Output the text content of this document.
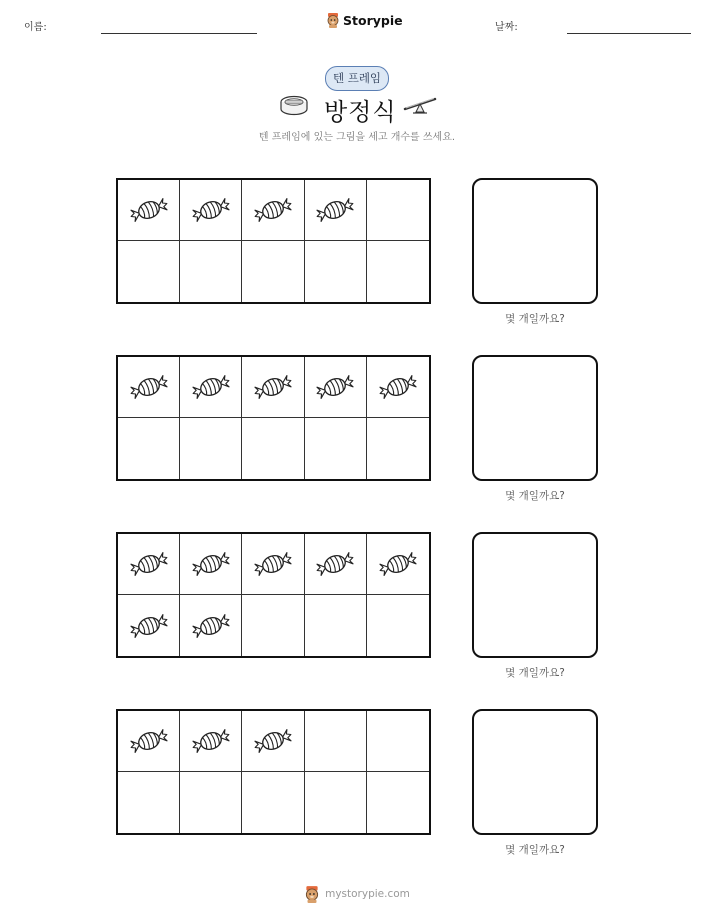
이름:	Storypie	날짜:
텐 프레임
방정식
텐 프레임에 있는 그림을 세고 개수를 쓰세요.
몇 개일까요?
몇 개일까요?
몇 개일까요?
몇 개일까요?
mystorypie.com
